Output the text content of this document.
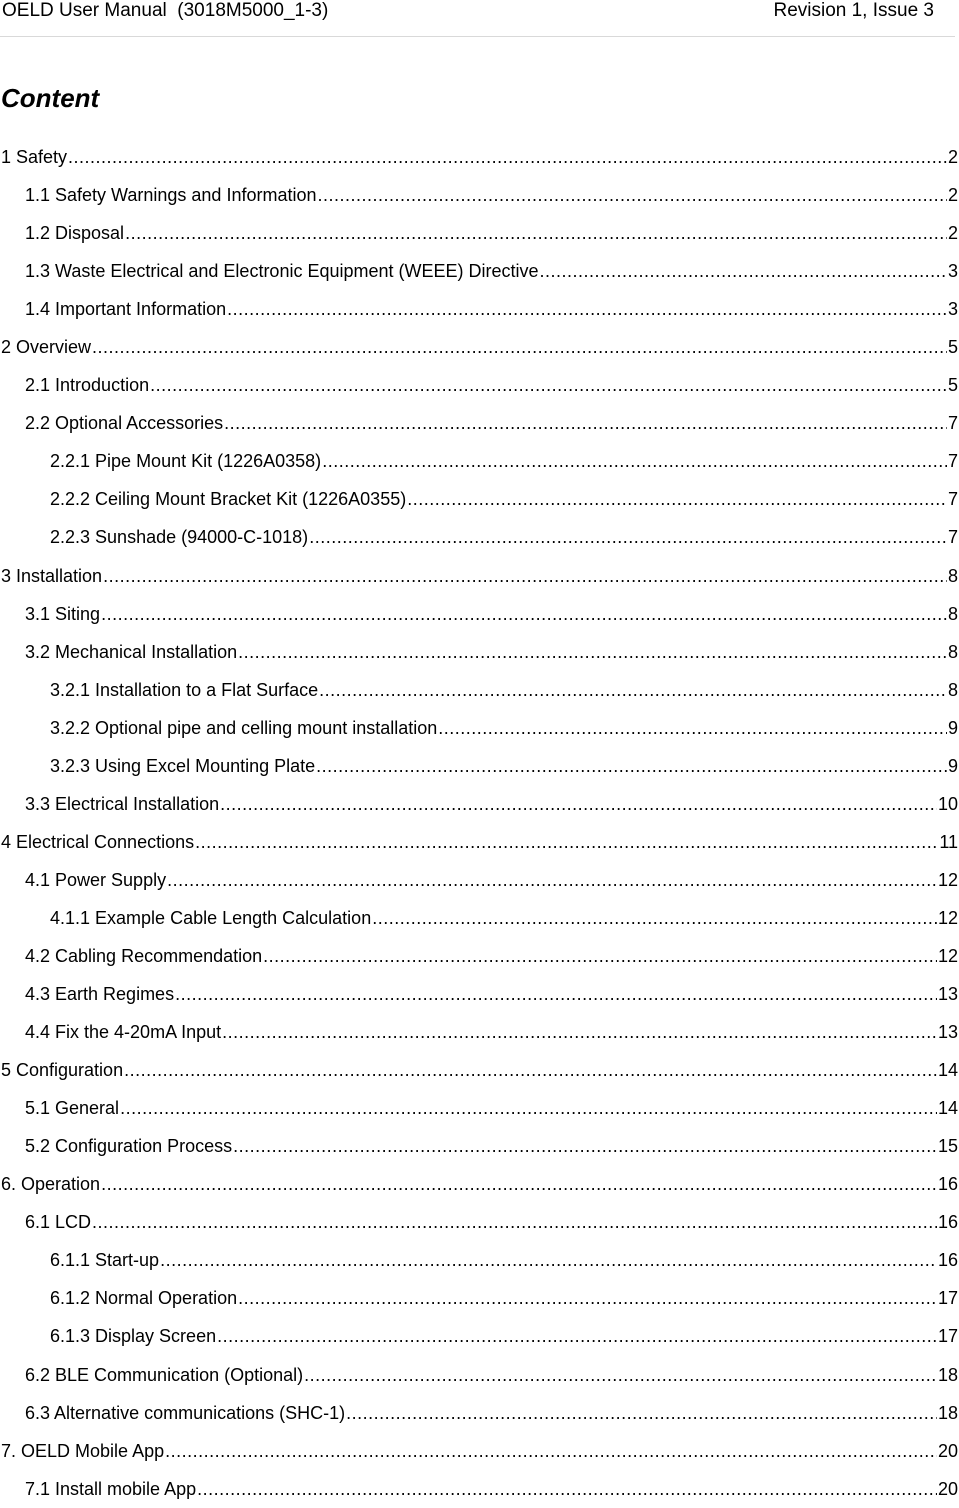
OELD User Manual  (3018M5000_1-3)	Revision 1, Issue 3
Content
1 Safety .....	2
1.1 Safety Warnings and Information .....	2
1.2 Disposal .....	2
1.3 Waste Electrical and Electronic Equipment (WEEE) Directive .....	3
1.4 Important Information .....	3
2 Overview .....	5
2.1 Introduction .....	5
2.2 Optional Accessories .....	7
2.2.1 Pipe Mount Kit (1226A0358) .....	7
2.2.2 Ceiling Mount Bracket Kit (1226A0355) .....	7
2.2.3 Sunshade (94000-C-1018) .....	7
3 Installation .....	8
3.1 Siting .....	8
3.2 Mechanical Installation .....	8
3.2.1 Installation to a Flat Surface .....	8
3.2.2 Optional pipe and celling mount installation .....	9
3.2.3 Using Excel Mounting Plate .....	9
3.3 Electrical Installation .....	10
4 Electrical Connections .....	11
4.1 Power Supply .....	12
4.1.1 Example Cable Length Calculation .....	12
4.2 Cabling Recommendation .....	12
4.3 Earth Regimes .....	13
4.4 Fix the 4-20mA Input .....	13
5 Configuration .....	14
5.1 General .....	14
5.2 Configuration Process .....	15
6. Operation .....	16
6.1 LCD .....	16
6.1.1 Start-up .....	16
6.1.2 Normal Operation .....	17
6.1.3 Display Screen .....	17
6.2 BLE Communication (Optional) .....	18
6.3 Alternative communications (SHC-1) .....	18
7. OELD Mobile App .....	20
7.1 Install mobile App .....	20
